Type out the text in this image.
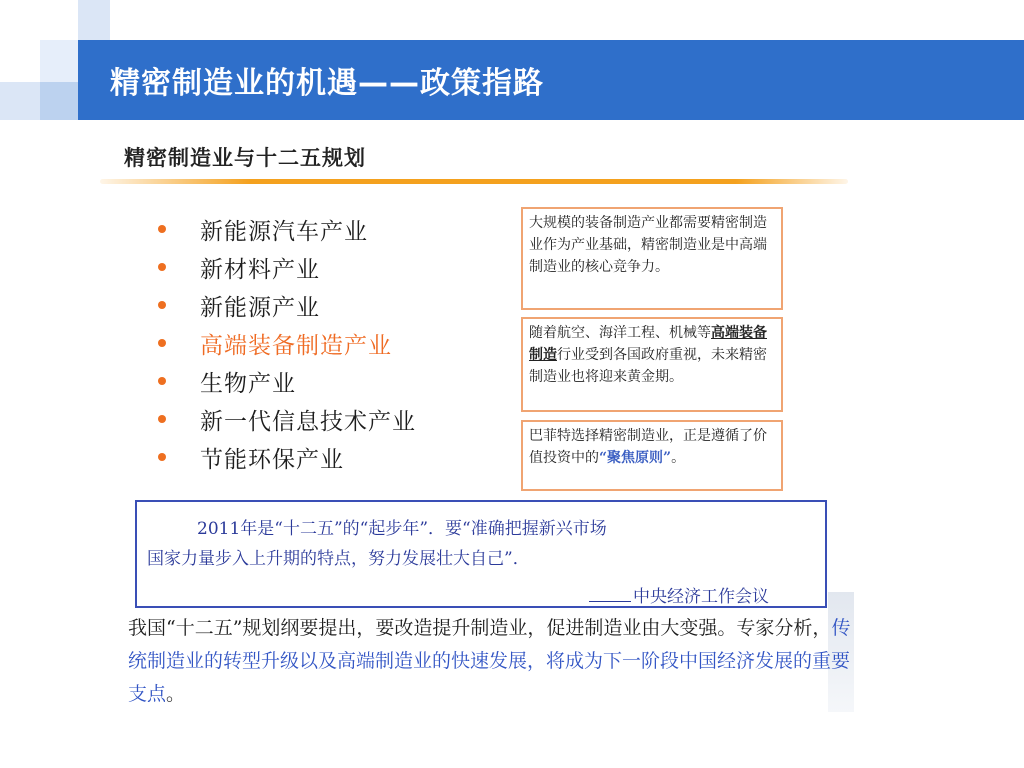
精密制造业的机遇——政策指路
精密制造业与十二五规划
新能源汽车产业
新材料产业
新能源产业
高端装备制造产业
生物产业
新一代信息技术产业
节能环保产业
大规模的装备制造产业都需要精密制造业作为产业基础，精密制造业是中高端制造业的核心竞争力。
随着航空、海洋工程、机械等高端装备制造行业受到各国政府重视，未来精密制造业也将迎来黄金期。
巴菲特选择精密制造业，正是遵循了价值投资中的“聚焦原则”。
2011年是“十二五”的“起步年”．要“准确把握新兴市场
国家力量步入上升期的特点，努力发展壮大自己”．
中央经济工作会议
我国“十二五”规划纲要提出，要改造提升制造业，促进制造业由大变强。专家分析，传统制造业的转型升级以及高端制造业的快速发展，将成为下一阶段中国经济发展的重要支点。
